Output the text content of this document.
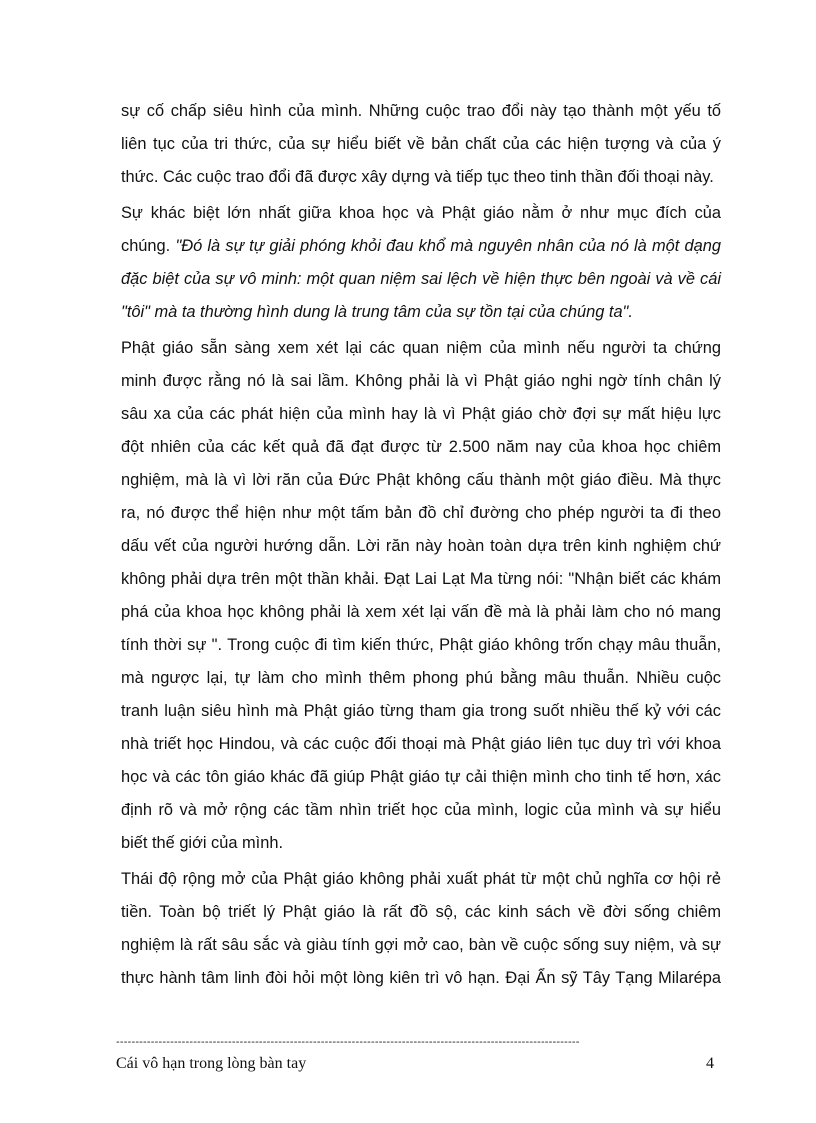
sự cố chấp siêu hình của mình. Những cuộc trao đổi này tạo thành một yếu tố
liên tục của tri thức, của sự hiểu biết về bản chất của các hiện tượng và của ý
thức. Các cuộc trao đổi đã được xây dựng và tiếp tục theo tinh thần đối thoại này.
Sự khác biệt lớn nhất giữa khoa học và Phật giáo nằm ở như mục đích của
chúng. "Đó là sự tự giải phóng khỏi đau khổ mà nguyên nhân của nó là một dạng
đặc biệt của sự vô minh: một quan niệm sai lệch về hiện thực bên ngoài và về cái
"tôi" mà ta thường hình dung là trung tâm của sự tồn tại của chúng ta".
Phật giáo sẵn sàng xem xét lại các quan niệm của mình nếu người ta chứng
minh được rằng nó là sai lầm. Không phải là vì Phật giáo nghi ngờ tính chân lý
sâu xa của các phát hiện của mình hay là vì Phật giáo chờ đợi sự mất hiệu lực
đột nhiên của các kết quả đã đạt được từ 2.500 năm nay của khoa học chiêm
nghiệm, mà là vì lời răn của Đức Phật không cấu thành một giáo điều. Mà thực
ra, nó được thể hiện như một tấm bản đồ chỉ đường cho phép người ta đi theo
dấu vết của người hướng dẫn. Lời răn này hoàn toàn dựa trên kinh nghiệm chứ
không phải dựa trên một thần khải. Đạt Lai Lạt Ma từng nói: "Nhận biết các khám
phá của khoa học không phải là xem xét lại vấn đề mà là phải làm cho nó mang
tính thời sự ". Trong cuộc đi tìm kiến thức, Phật giáo không trốn chạy mâu thuẫn,
mà ngược lại, tự làm cho mình thêm phong phú bằng mâu thuẫn. Nhiều cuộc
tranh luận siêu hình mà Phật giáo từng tham gia trong suốt nhiều thế kỷ với các
nhà triết học Hindou, và các cuộc đối thoại mà Phật giáo liên tục duy trì với khoa
học và các tôn giáo khác đã giúp Phật giáo tự cải thiện mình cho tinh tế hơn, xác
định rõ và mở rộng các tầm nhìn triết học của mình, logic của mình và sự hiểu
biết thế giới của mình.
Thái độ rộng mở của Phật giáo không phải xuất phát từ một chủ nghĩa cơ hội rẻ
tiền. Toàn bộ triết lý Phật giáo là rất đồ sộ, các kinh sách về đời sống chiêm
nghiệm là rất sâu sắc và giàu tính gợi mở cao, bàn về cuộc sống suy niệm, và sự
thực hành tâm linh đòi hỏi một lòng kiên trì vô hạn. Đại Ẩn sỹ Tây Tạng Milarépa
------------------------------------------------------------------------------------------------------------------------
Cái vô hạn trong lòng bàn tay	4
